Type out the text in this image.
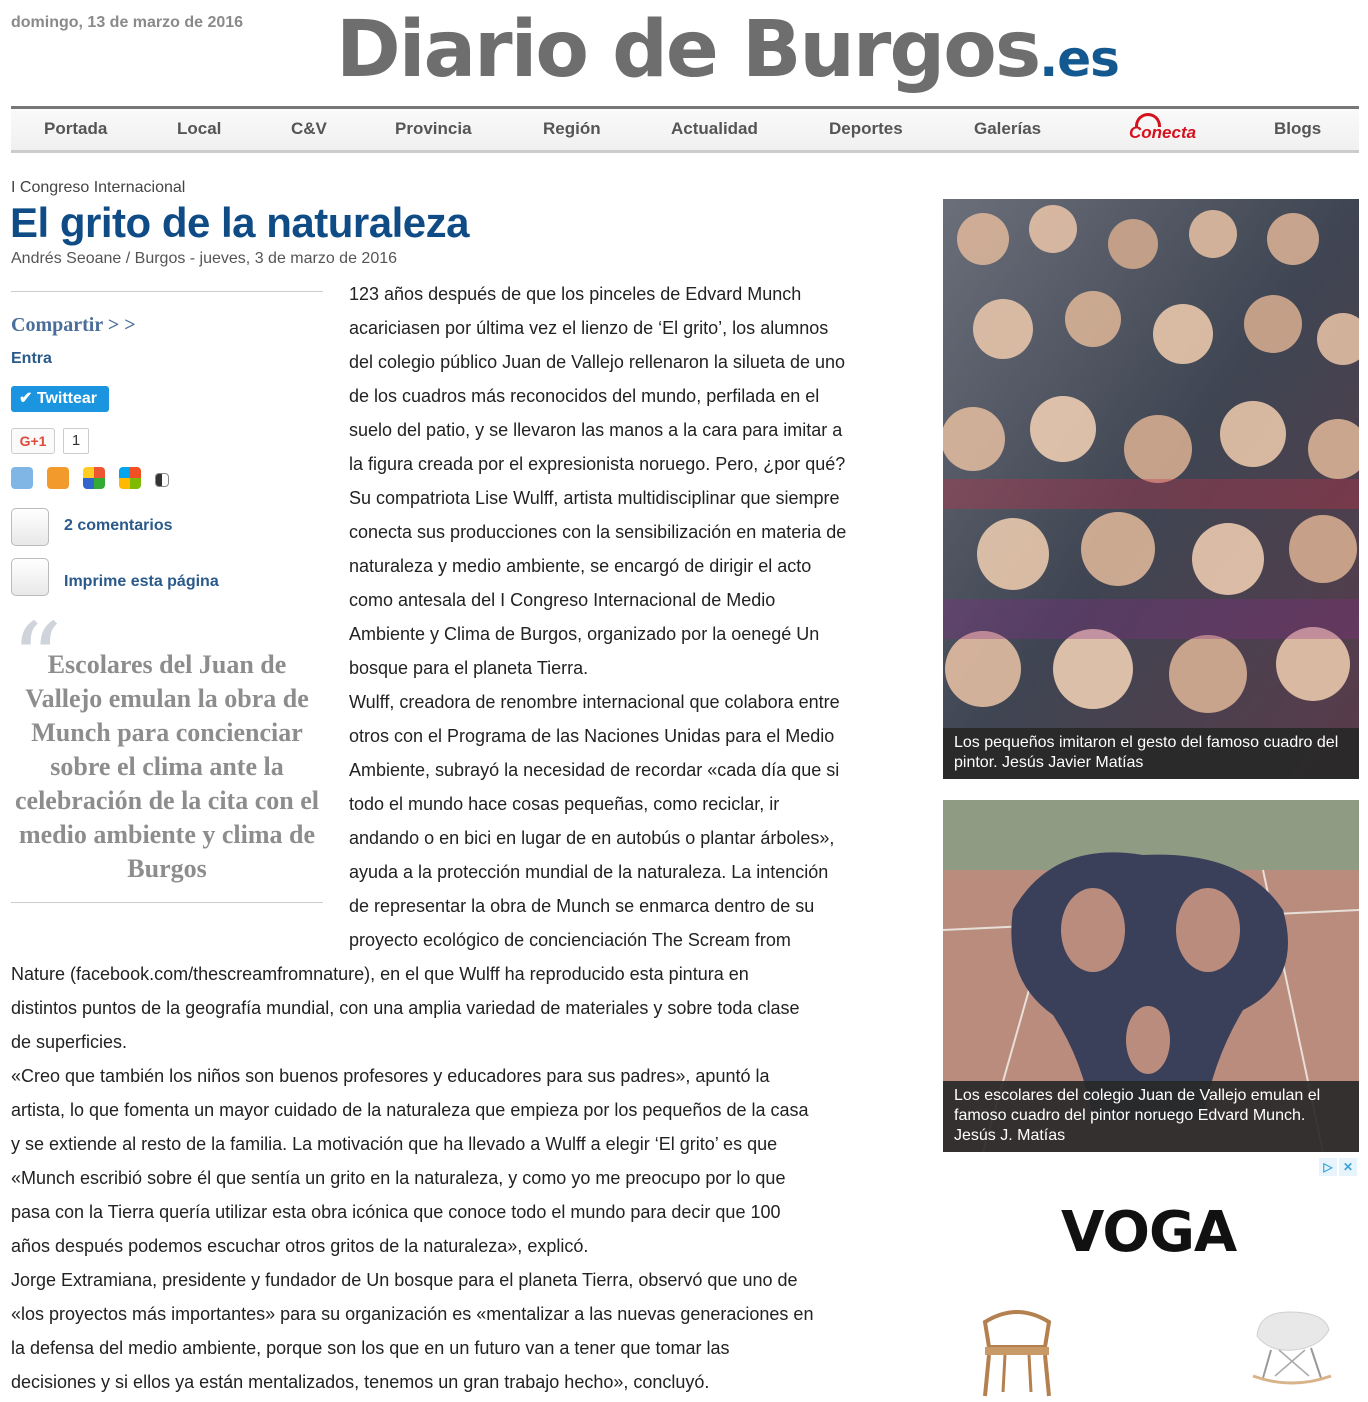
domingo, 13 de marzo de 2016 Diario de Burgos.es
Portada	Local	C&V	Provincia	Región	Actualidad	Deportes	Galerías	Conecta	Blogs
I Congreso Internacional
El grito de la naturaleza
Andrés Seoane / Burgos - jueves, 3 de marzo de 2016
Compartir > >
Entra
✔ Twittear
G+1	1
2 comentarios
Imprime esta página
“
Escolares del Juan de Vallejo emulan la obra de Munch para concienciar sobre el clima ante la celebración de la cita con el medio ambiente y clima de Burgos

123 años después de que los pinceles de Edvard Munch

acariciasen por última vez el lienzo de ‘El grito’, los alumnos

del colegio público Juan de Vallejo rellenaron la silueta de uno

de los cuadros más reconocidos del mundo, perfilada en el

suelo del patio, y se llevaron las manos a la cara para imitar a

la figura creada por el expresionista noruego. Pero, ¿por qué?

Su compatriota Lise Wulff, artista multidisciplinar que siempre

conecta sus producciones con la sensibilización en materia de

naturaleza y medio ambiente, se encargó de dirigir el acto

como antesala del I Congreso Internacional de Medio

Ambiente y Clima de Burgos, organizado por la oenegé Un

bosque para el planeta Tierra.

Wulff, creadora de renombre internacional que colabora entre

otros con el Programa de las Naciones Unidas para el Medio

Ambiente, subrayó la necesidad de recordar «cada día que si

todo el mundo hace cosas pequeñas, como reciclar, ir

andando o en bici en lugar de en autobús o plantar árboles»,

ayuda a la protección mundial de la naturaleza. La intención

de representar la obra de Munch se enmarca dentro de su

proyecto ecológico de concienciación The Scream from

Nature (facebook.com/thescreamfromnature), en el que Wulff ha reproducido esta pintura en

distintos puntos de la geografía mundial, con una amplia variedad de materiales y sobre toda clase

de superficies.

«Creo que también los niños son buenos profesores y educadores para sus padres», apuntó la

artista, lo que fomenta un mayor cuidado de la naturaleza que empieza por los pequeños de la casa

y se extiende al resto de la familia. La motivación que ha llevado a Wulff a elegir ‘El grito’ es que

«Munch escribió sobre él que sentía un grito en la naturaleza, y como yo me preocupo por lo que

pasa con la Tierra quería utilizar esta obra icónica que conoce todo el mundo para decir que 100

años después podemos escuchar otros gritos de la naturaleza», explicó.

Jorge Extramiana, presidente y fundador de Un bosque para el planeta Tierra, observó que uno de

«los proyectos más importantes» para su organización es «mentalizar a las nuevas generaciones en

la defensa del medio ambiente, porque son los que en un futuro van a tener que tomar las

decisiones y si ellos ya están mentalizados, tenemos un gran trabajo hecho», concluyó.

Los pequeños imitaron el gesto del famoso cuadro del pintor. Jesús Javier Matías
Los escolares del colegio Juan de Vallejo emulan el famoso cuadro del pintor noruego Edvard Munch. Jesús J. Matías
▷ ✕
VOGA
